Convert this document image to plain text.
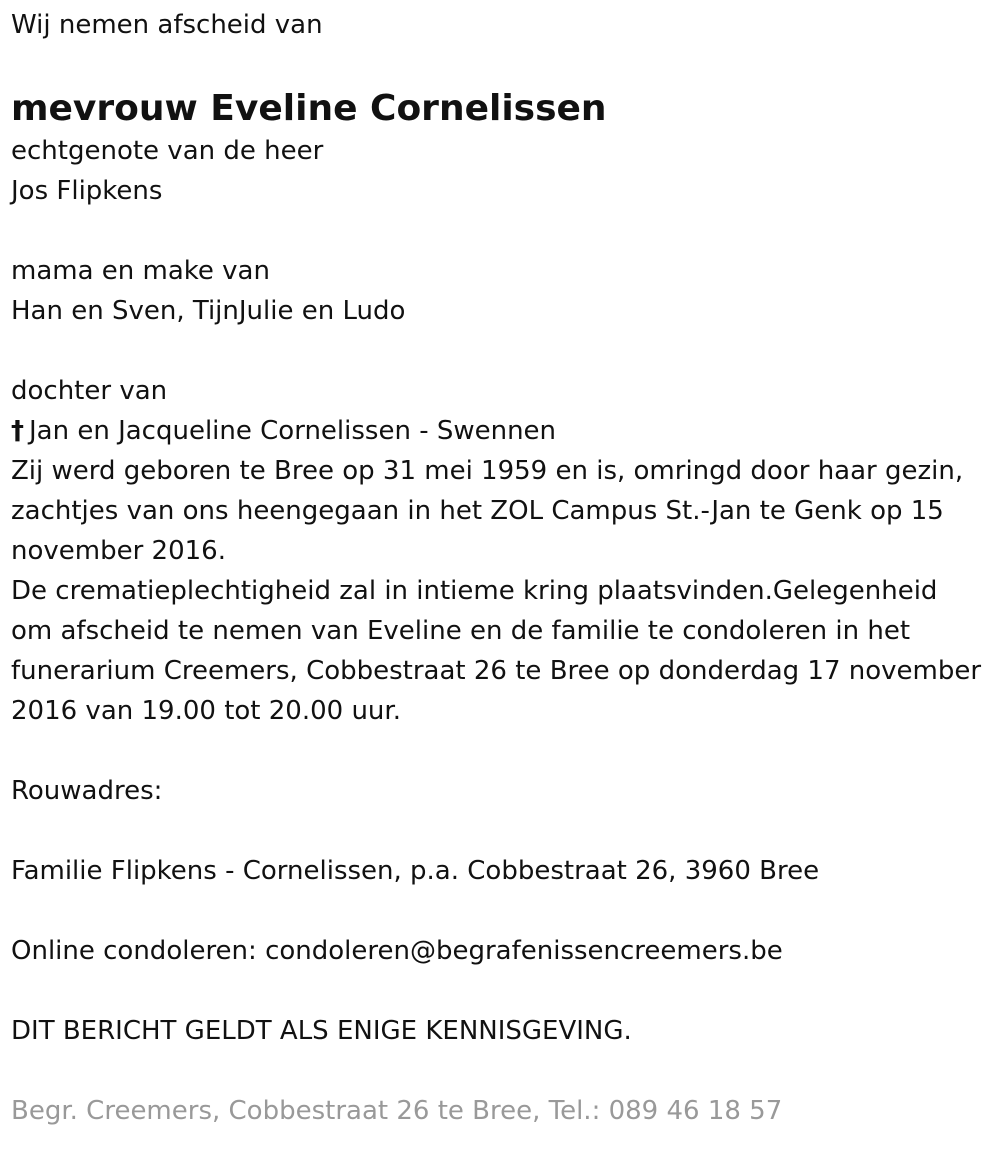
Wij nemen afscheid van
mevrouw Eveline Cornelissen
echtgenote van de heer
Jos Flipkens
mama en make van
Han en Sven, TijnJulie en Ludo
dochter van
† Jan en Jacqueline Cornelissen - Swennen
Zij werd geboren te Bree op 31 mei 1959 en is, omringd door haar gezin, zachtjes van ons heengegaan in het ZOL Campus St.-Jan te Genk op 15 november 2016.
De crematieplechtigheid zal in intieme kring plaatsvinden.Gelegenheid om afscheid te nemen van Eveline en de familie te condoleren in het funerarium Creemers, Cobbestraat 26 te Bree op donderdag 17 november 2016 van 19.00 tot 20.00 uur.
Rouwadres:
Familie Flipkens - Cornelissen, p.a. Cobbestraat 26, 3960 Bree
Online condoleren: condoleren@begrafenissencreemers.be
DIT BERICHT GELDT ALS ENIGE KENNISGEVING.
Begr. Creemers, Cobbestraat 26 te Bree, Tel.: 089 46 18 57
